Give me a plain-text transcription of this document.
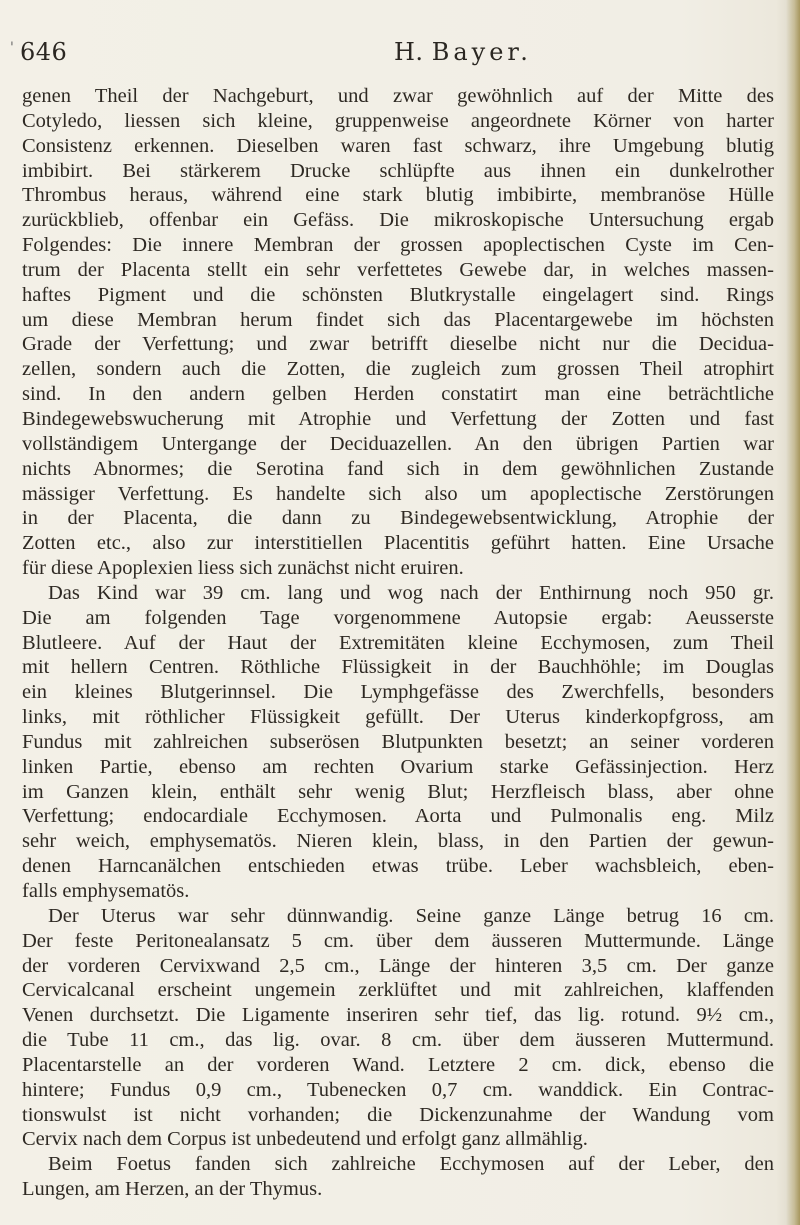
' 646	H. Bayer.
genen Theil der Nachgeburt, und zwar gewöhnlich auf der Mitte des
Cotyledo, liessen sich kleine, gruppenweise angeordnete Körner von harter
Consistenz erkennen. Dieselben waren fast schwarz, ihre Umgebung blutig
imbibirt. Bei stärkerem Drucke schlüpfte aus ihnen ein dunkelrother
Thrombus heraus, während eine stark blutig imbibirte, membranöse Hülle
zurückblieb, offenbar ein Gefäss. Die mikroskopische Untersuchung ergab
Folgendes: Die innere Membran der grossen apoplectischen Cyste im Cen-
trum der Placenta stellt ein sehr verfettetes Gewebe dar, in welches massen-
haftes Pigment und die schönsten Blutkrystalle eingelagert sind. Rings
um diese Membran herum findet sich das Placentargewebe im höchsten
Grade der Verfettung; und zwar betrifft dieselbe nicht nur die Decidua-
zellen, sondern auch die Zotten, die zugleich zum grossen Theil atrophirt
sind. In den andern gelben Herden constatirt man eine beträchtliche
Bindegewebswucherung mit Atrophie und Verfettung der Zotten und fast
vollständigem Untergange der Deciduazellen. An den übrigen Partien war
nichts Abnormes; die Serotina fand sich in dem gewöhnlichen Zustande
mässiger Verfettung. Es handelte sich also um apoplectische Zerstörungen
in der Placenta, die dann zu Bindegewebsentwicklung, Atrophie der
Zotten etc., also zur interstitiellen Placentitis geführt hatten. Eine Ursache
für diese Apoplexien liess sich zunächst nicht eruiren.
Das Kind war 39 cm. lang und wog nach der Enthirnung noch 950 gr.
Die am folgenden Tage vorgenommene Autopsie ergab: Aeusserste
Blutleere. Auf der Haut der Extremitäten kleine Ecchymosen, zum Theil
mit hellern Centren. Röthliche Flüssigkeit in der Bauchhöhle; im Douglas
ein kleines Blutgerinnsel. Die Lymphgefässe des Zwerchfells, besonders
links, mit röthlicher Flüssigkeit gefüllt. Der Uterus kinderkopfgross, am
Fundus mit zahlreichen subserösen Blutpunkten besetzt; an seiner vorderen
linken Partie, ebenso am rechten Ovarium starke Gefässinjection. Herz
im Ganzen klein, enthält sehr wenig Blut; Herzfleisch blass, aber ohne
Verfettung; endocardiale Ecchymosen. Aorta und Pulmonalis eng. Milz
sehr weich, emphysematös. Nieren klein, blass, in den Partien der gewun-
denen Harncanälchen entschieden etwas trübe. Leber wachsbleich, eben-
falls emphysematös.
Der Uterus war sehr dünnwandig. Seine ganze Länge betrug 16 cm.
Der feste Peritonealansatz 5 cm. über dem äusseren Muttermunde. Länge
der vorderen Cervixwand 2,5 cm., Länge der hinteren 3,5 cm. Der ganze
Cervicalcanal erscheint ungemein zerklüftet und mit zahlreichen, klaffenden
Venen durchsetzt. Die Ligamente inseriren sehr tief, das lig. rotund. 9½ cm.,
die Tube 11 cm., das lig. ovar. 8 cm. über dem äusseren Muttermund.
Placentarstelle an der vorderen Wand. Letztere 2 cm. dick, ebenso die
hintere; Fundus 0,9 cm., Tubenecken 0,7 cm. wanddick. Ein Contrac-
tionswulst ist nicht vorhanden; die Dickenzunahme der Wandung vom
Cervix nach dem Corpus ist unbedeutend und erfolgt ganz allmählig.
Beim Foetus fanden sich zahlreiche Ecchymosen auf der Leber, den
Lungen, am Herzen, an der Thymus.
